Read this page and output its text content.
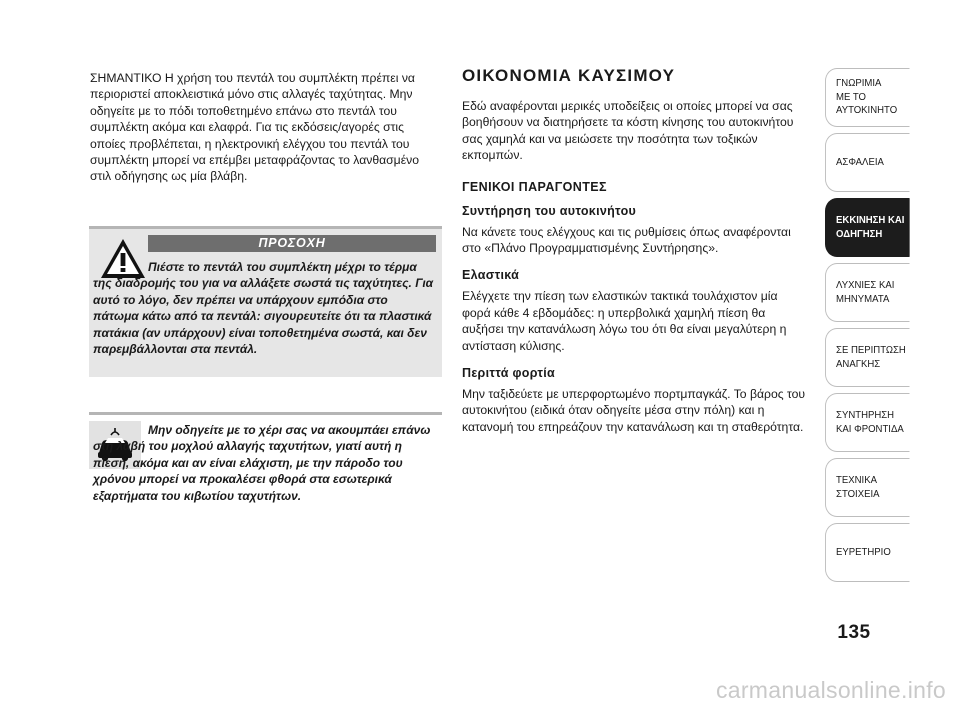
ΣΗΜΑΝΤΙΚΟ Η χρήση του πεντάλ του συμπλέκτη πρέπει να περιοριστεί αποκλειστικά μόνο στις αλλαγές ταχύτητας. Μην οδηγείτε με το πόδι τοποθετημένο επάνω στο πεντάλ του συμπλέκτη ακόμα και ελαφρά. Για τις εκδόσεις/αγορές στις οποίες προβλέπεται, η ηλεκτρονική ελέγχου του πεντάλ του συμπλέκτη μπορεί να επέμβει μεταφράζοντας το λανθασμένο στιλ οδήγησης ως μία βλάβη.

ΠΡΟΣΟΧΗ

Πιέστε το πεντάλ του συμπλέκτη μέχρι το τέρμα της διαδρομής του για να αλλάξετε σωστά τις ταχύτητες. Για αυτό το λόγο, δεν πρέπει να υπάρχουν εμπόδια στο πάτωμα κάτω από τα πεντάλ: σιγουρευτείτε ότι τα πλαστικά πατάκια (αν υπάρχουν) είναι τοποθετημένα σωστά, και δεν παρεμβάλλονται στα πεντάλ.

Μην οδηγείτε με το χέρι σας να ακουμπάει επάνω στη λαβή του μοχλού αλλαγής ταχυτήτων, γιατί αυτή η πίεση, ακόμα και αν είναι ελάχιστη, με την πάροδο του χρόνου μπορεί να προκαλέσει φθορά στα εσωτερικά εξαρτήματα του κιβωτίου ταχυτήτων.

ΟΙΚΟΝΟΜΙΑ ΚΑΥΣΙΜΟΥ

Εδώ αναφέρονται μερικές υποδείξεις οι οποίες μπορεί να σας βοηθήσουν να διατηρήσετε τα κόστη κίνησης του αυτοκινήτου σας χαμηλά και να μειώσετε την ποσότητα των τοξικών εκπομπών.

ΓΕΝΙΚΟΙ ΠΑΡΑΓΟΝΤΕΣ
Συντήρηση του αυτοκινήτου

Να κάνετε τους ελέγχους και τις ρυθμίσεις όπως αναφέρονται στο «Πλάνο Προγραμματισμένης Συντήρησης».

Ελαστικά

Ελέγχετε την πίεση των ελαστικών τακτικά τουλάχιστον μία φορά κάθε 4 εβδομάδες: η υπερβολικά χαμηλή πίεση θα αυξήσει την κατανάλωση λόγω του ότι θα είναι μεγαλύτερη η αντίσταση κύλισης.

Περιττά φορτία

Μην ταξιδεύετε με υπερφορτωμένο πορτμπαγκάζ. Το βάρος του αυτοκινήτου (ειδικά όταν οδηγείτε μέσα στην πόλη) και η κατανομή του επηρεάζουν την κατανάλωση και τη σταθερότητα.

ΓΝΩΡΙΜΙΑ
ΜΕ ΤΟ
ΑΥΤΟΚΙΝΗΤΟ
ΑΣΦΑΛΕΙΑ
ΕΚΚΙΝΗΣΗ ΚΑΙ
ΟΔΗΓΗΣΗ
ΛΥΧΝΙΕΣ ΚΑΙ
ΜΗΝΥΜΑΤΑ
ΣΕ ΠΕΡΙΠΤΩΣΗ
ΑΝΑΓΚΗΣ
ΣΥΝΤΗΡΗΣΗ
ΚΑΙ ΦΡΟΝΤΙΔΑ
ΤΕΧΝΙΚΑ
ΣΤΟΙΧΕΙΑ
ΕΥΡΕΤΗΡΙΟ
135
carmanualsonline.info
